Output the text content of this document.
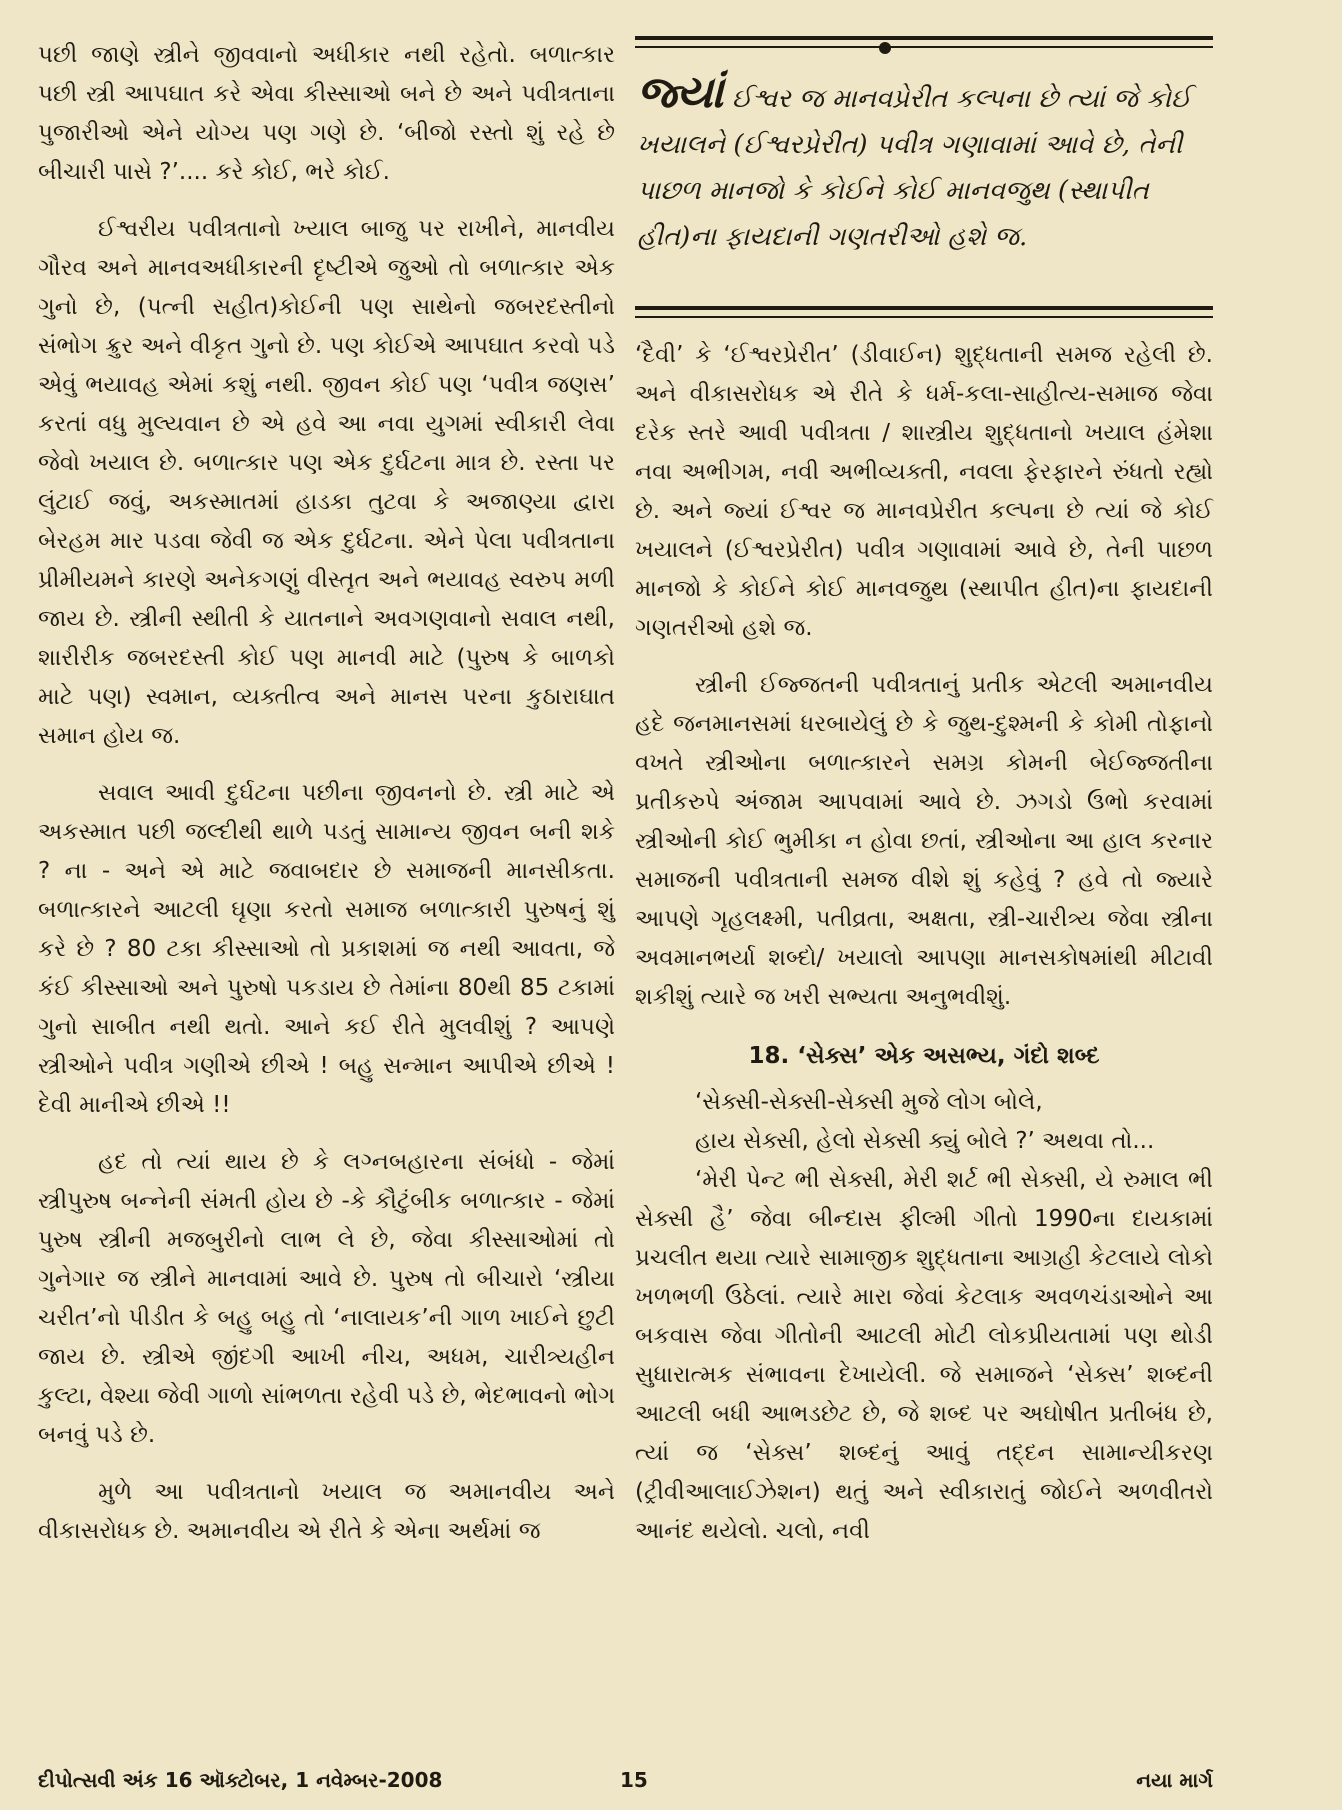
પછી જાણે સ્ત્રીને જીવવાનો અધીકાર નથી રહેતો. બળાત્કાર પછી સ્ત્રી આપઘાત કરે એવા કીસ્સાઓ બને છે અને પવીત્રતાના પુજારીઓ એને યોગ્ય પણ ગણે છે. ‘બીજો રસ્તો શું રહે છે બીચારી પાસે ?’.... કરે કોઈ, ભરે કોઈ.

ઈશ્વરીય પવીત્રતાનો ખ્યાલ બાજુ પર રાખીને, માનવીય ગૌરવ અને માનવઅધીકારની દૃષ્ટીએ જુઓ તો બળાત્કાર એક ગુનો છે, (પત્ની સહીત)કોઈની પણ સાથેનો જબરદસ્તીનો સંભોગ ક્રુર અને વીકૃત ગુનો છે. પણ કોઈએ આપઘાત કરવો પડે એવું ભયાવહ એમાં કશું નથી. જીવન કોઈ પણ ‘પવીત્ર જણસ’ કરતાં વધુ મુલ્યવાન છે એ હવે આ નવા યુગમાં સ્વીકારી લેવા જેવો ખયાલ છે. બળાત્કાર પણ એક દુર્ઘટના માત્ર છે. રસ્તા પર લુંટાઈ જવું, અકસ્માતમાં હાડકા તુટવા કે અજાણ્યા દ્વારા બેરહમ માર પડવા જેવી જ એક દુર્ઘટના. એને પેલા પવીત્રતાના પ્રીમીયમને કારણે અનેકગણું વીસ્તૃત અને ભયાવહ સ્વરુપ મળી જાય છે. સ્ત્રીની સ્થીતી કે યાતનાને અવગણવાનો સવાલ નથી, શારીરીક જબરદસ્તી કોઈ પણ માનવી માટે (પુરુષ કે બાળકો માટે પણ) સ્વમાન, વ્યક્તીત્વ અને માનસ પરના કુઠારાઘાત સમાન હોય જ.

સવાલ આવી દુર્ઘટના પછીના જીવનનો છે. સ્ત્રી માટે એ અકસ્માત પછી જલ્દીથી થાળે પડતું સામાન્ય જીવન બની શકે ? ના - અને એ માટે જવાબદાર છે સમાજની માનસીકતા. બળાત્કારને આટલી ઘૃણા કરતો સમાજ બળાત્કારી પુરુષનું શું કરે છે ? 80 ટકા કીસ્સાઓ તો પ્રકાશમાં જ નથી આવતા, જે કંઈ કીસ્સાઓ અને પુરુષો પકડાય છે તેમાંના 80થી 85 ટકામાં ગુનો સાબીત નથી થતો. આને કઈ રીતે મુલવીશું ? આપણે સ્ત્રીઓને પવીત્ર ગણીએ છીએ ! બહુ સન્માન આપીએ છીએ ! દેવી માનીએ છીએ !!

હદ તો ત્યાં થાય છે કે લગ્નબહારના સંબંધો - જેમાં સ્ત્રીપુરુષ બન્નેની સંમતી હોય છે -કે કૌટુંબીક બળાત્કાર - જેમાં પુરુષ સ્ત્રીની મજબુરીનો લાભ લે છે, જેવા કીસ્સાઓમાં તો ગુનેગાર જ સ્ત્રીને માનવામાં આવે છે. પુરુષ તો બીચારો ‘સ્ત્રીયા ચરીત’નો પીડીત કે બહુ બહુ તો ‘નાલાયક’ની ગાળ ખાઈને છુટી જાય છે. સ્ત્રીએ જીંદગી આખી નીચ, અધમ, ચારીત્ર્યહીન કુલ્ટા, વેશ્યા જેવી ગાળો સાંભળતા રહેવી પડે છે, ભેદભાવનો ભોગ બનવું પડે છે.

મુળે આ પવીત્રતાનો ખયાલ જ અમાનવીય અને વીકાસરોધક છે. અમાનવીય એ રીતે કે એના અર્થમાં જ

જ્યાં ઈશ્વર જ માનવપ્રેરીત કલ્પના છે ત્યાં જે કોઈ ખયાલને (ઈશ્વરપ્રેરીત) પવીત્ર ગણાવામાં આવે છે, તેની પાછળ માનજો કે કોઈને કોઈ માનવજુથ (સ્થાપીત હીત)ના ફાયદાની ગણતરીઓ હશે જ.

‘દૈવી’ કે ‘ઈશ્વરપ્રેરીત’ (ડીવાઈન) શુદ્ધતાની સમજ રહેલી છે. અને વીકાસરોધક એ રીતે કે ધર્મ-કલા-સાહીત્ય-સમાજ જેવા દરેક સ્તરે આવી પવીત્રતા / શાસ્ત્રીય શુદ્ધતાનો ખયાલ હંમેશા નવા અભીગમ, નવી અભીવ્યક્તી, નવલા ફેરફારને રુંધતો રહ્યો છે. અને જ્યાં ઈશ્વર જ માનવપ્રેરીત કલ્પના છે ત્યાં જે કોઈ ખયાલને (ઈશ્વરપ્રેરીત) પવીત્ર ગણાવામાં આવે છે, તેની પાછળ માનજો કે કોઈને કોઈ માનવજુથ (સ્થાપીત હીત)ના ફાયદાની ગણતરીઓ હશે જ.

સ્ત્રીની ઈજ્જતની પવીત્રતાનું પ્રતીક એટલી અમાનવીય હદે જનમાનસમાં ધરબાયેલું છે કે જુથ-દુશ્મની કે કોમી તોફાનો વખતે સ્ત્રીઓના બળાત્કારને સમગ્ર કોમની બેઈજ્જતીના પ્રતીકરુપે અંજામ આપવામાં આવે છે. ઝગડો ઉભો કરવામાં સ્ત્રીઓની કોઈ ભુમીકા ન હોવા છતાં, સ્ત્રીઓના આ હાલ કરનાર સમાજની પવીત્રતાની સમજ વીશે શું કહેવું ? હવે તો જ્યારે આપણે ગૃહલક્ષ્મી, પતીવ્રતા, અક્ષતા, સ્ત્રી-ચારીત્ર્ય જેવા સ્ત્રીના અવમાનભર્યા શબ્દો/ ખયાલો આપણા માનસકોષમાંથી મીટાવી શકીશું ત્યારે જ ખરી સભ્યતા અનુભવીશું.

18. ‘સેક્સ’ એક અસભ્ય, ગંદો શબ્દ

‘સેક્સી-સેક્સી-સેક્સી મુજે લોગ બોલે,

હાય સેક્સી, હેલો સેક્સી ક્યું બોલે ?’ અથવા તો...

‘મેરી પેન્ટ ભી સેક્સી, મેરી શર્ટ ભી સેક્સી, યે રુમાલ ભી સેક્સી હૈ’ જેવા બીન્દાસ ફીલ્મી ગીતો 1990ના દાયકામાં પ્રચલીત થયા ત્યારે સામાજીક શુદ્ધતાના આગ્રહી કેટલાયે લોકો ખળભળી ઉઠેલાં. ત્યારે મારા જેવાં કેટલાક અવળચંડાઓને આ બકવાસ જેવા ગીતોની આટલી મોટી લોકપ્રીયતામાં પણ થોડી સુધારાત્મક સંભાવના દેખાયેલી. જે સમાજને ‘સેક્સ’ શબ્દની આટલી બધી આભડછેટ છે, જે શબ્દ પર અઘોષીત પ્રતીબંધ છે, ત્યાં જ ‘સેક્સ’ શબ્દનું આવું તદ્દન સામાન્યીકરણ (ટ્રીવીઆલાઈઝેશન) થતું અને સ્વીકારાતું જોઈને અળવીતરો આનંદ થયેલો. ચલો, નવી

દીપોત્સવી અંક 16 ઑક્ટોબર, 1 નવેમ્બર-2008	15	નયા માર્ગ
